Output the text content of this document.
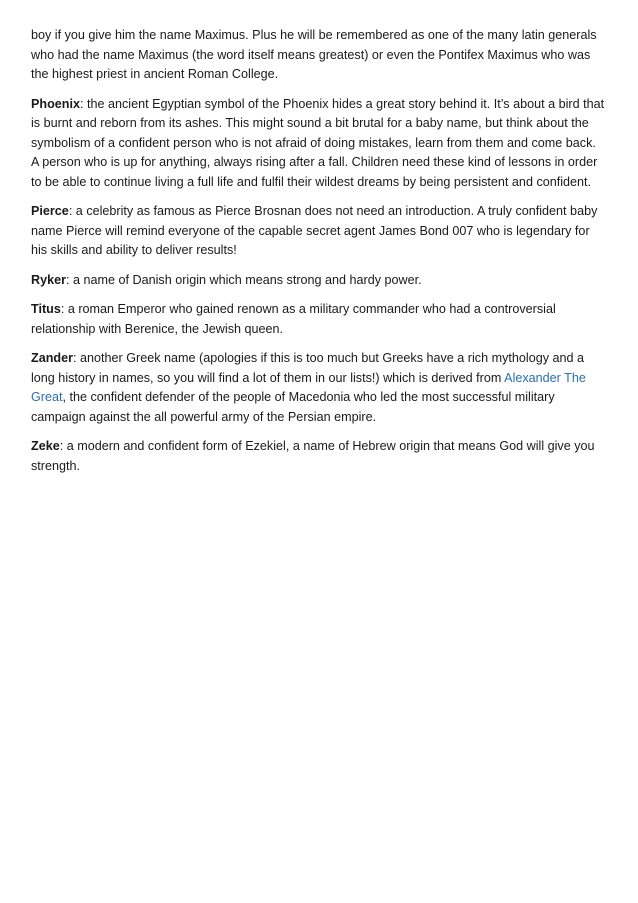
boy if you give him the name Maximus. Plus he will be remembered as one of the many latin generals who had the name Maximus (the word itself means greatest) or even the Pontifex Maximus who was the highest priest in ancient Roman College.

Phoenix: the ancient Egyptian symbol of the Phoenix hides a great story behind it. It’s about a bird that is burnt and reborn from its ashes. This might sound a bit brutal for a baby name, but think about the symbolism of a confident person who is not afraid of doing mistakes, learn from them and come back. A person who is up for anything, always rising after a fall. Children need these kind of lessons in order to be able to continue living a full life and fulfil their wildest dreams by being persistent and confident.

Pierce: a celebrity as famous as Pierce Brosnan does not need an introduction. A truly confident baby name Pierce will remind everyone of the capable secret agent James Bond 007 who is legendary for his skills and ability to deliver results!

Ryker: a name of Danish origin which means strong and hardy power.

Titus: a roman Emperor who gained renown as a military commander who had a controversial relationship with Berenice, the Jewish queen.

Zander: another Greek name (apologies if this is too much but Greeks have a rich mythology and a long history in names, so you will find a lot of them in our lists!) which is derived from Alexander The Great, the confident defender of the people of Macedonia who led the most successful military campaign against the all powerful army of the Persian empire.

Zeke: a modern and confident form of Ezekiel, a name of Hebrew origin that means God will give you strength.
